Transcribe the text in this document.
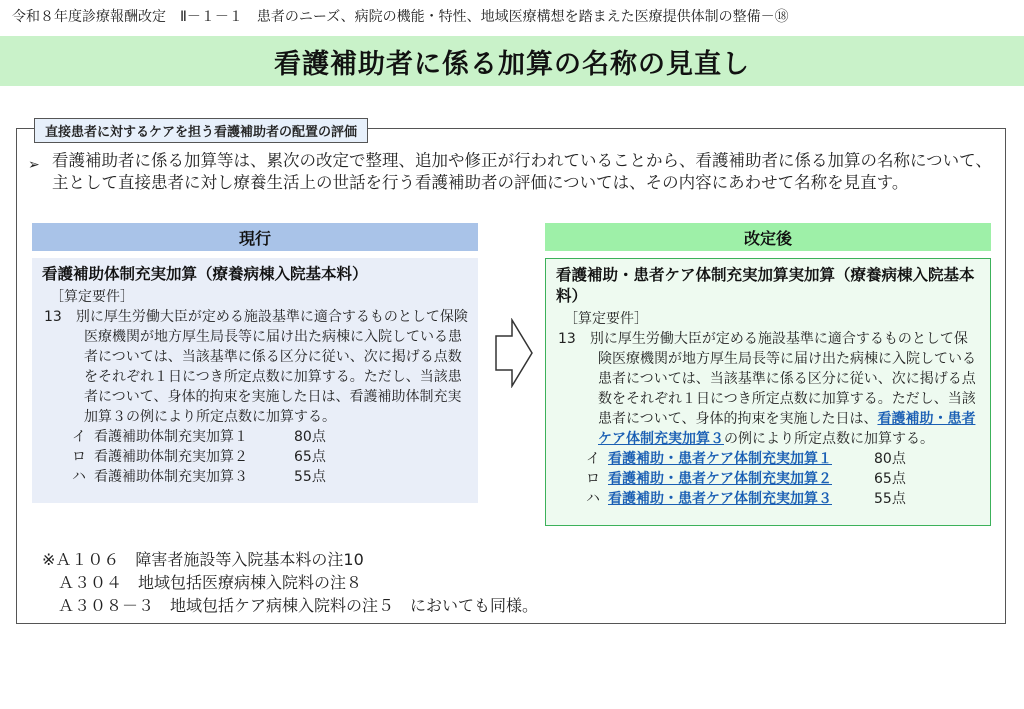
令和８年度診療報酬改定　Ⅱ－１－１　患者のニーズ、病院の機能・特性、地域医療構想を踏まえた医療提供体制の整備－⑱
看護補助者に係る加算の名称の見直し
直接患者に対するケアを担う看護補助者の配置の評価
➢ 看護補助者に係る加算等は、累次の改定で整理、追加や修正が行われていることから、看護補助者に係る加算の名称について、主として直接患者に対し療養生活上の世話を行う看護補助者の評価については、その内容にあわせて名称を見直す。
現行	改定後
看護補助体制充実加算（療養病棟入院基本料）
［算定要件］
13　別に厚生労働大臣が定める施設基準に適合するものとして保険医療機関が地方厚生局長等に届け出た病棟に入院している患者については、当該基準に係る区分に従い、次に掲げる点数をそれぞれ１日につき所定点数に加算する。ただし、当該患者について、身体的拘束を実施した日は、看護補助体制充実加算３の例により所定点数に加算する。
イ 看護補助体制充実加算１	80点
ロ 看護補助体制充実加算２	65点
ハ 看護補助体制充実加算３	55点
看護補助・患者ケア体制充実加算実加算（療養病棟入院基本料）
［算定要件］
13　別に厚生労働大臣が定める施設基準に適合するものとして保険医療機関が地方厚生局長等に届け出た病棟に入院している患者については、当該基準に係る区分に従い、次に掲げる点数をそれぞれ１日につき所定点数に加算する。ただし、当該患者について、身体的拘束を実施した日は、看護補助・患者ケア体制充実加算３の例により所定点数に加算する。
イ 看護補助・患者ケア体制充実加算１	80点
ロ 看護補助・患者ケア体制充実加算２	65点
ハ 看護補助・患者ケア体制充実加算３	55点
※Ａ１０６　障害者施設等入院基本料の注10
　Ａ３０４　地域包括医療病棟入院料の注８
　Ａ３０８－３　地域包括ケア病棟入院料の注５　においても同様。
